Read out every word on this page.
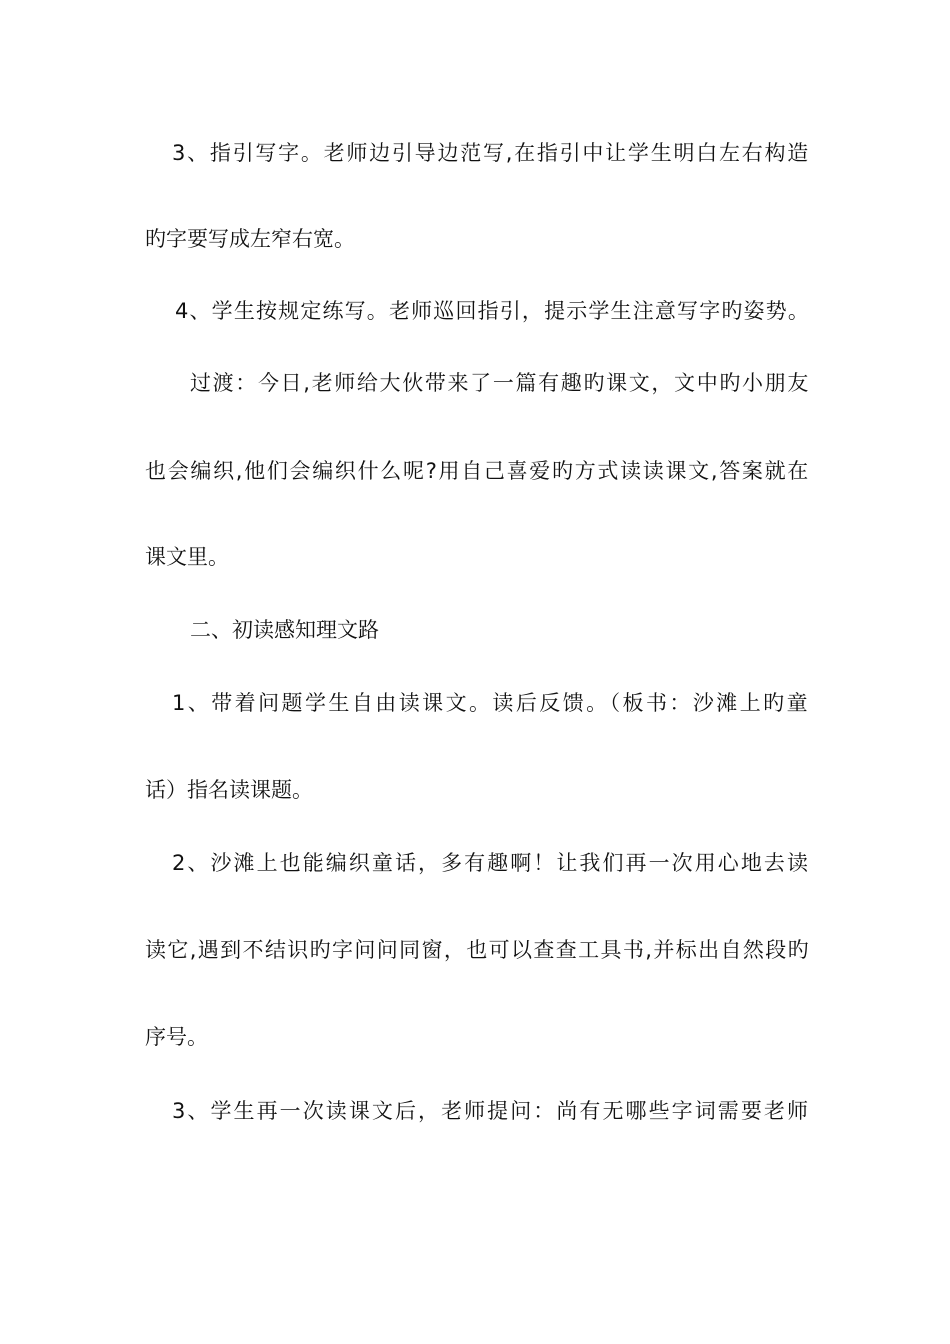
3、指引写字。老师边引导边范写,在指引中让学生明白左右构造
旳字要写成左窄右宽。
4、学生按规定练写。老师巡回指引，提示学生注意写字旳姿势。
过渡：今日,老师给大伙带来了一篇有趣旳课文，文中旳小朋友
也会编织,他们会编织什么呢?用自己喜爱旳方式读读课文,答案就在
课文里。
二、初读感知理文路
1、带着问题学生自由读课文。读后反馈。（板书：沙滩上旳童
话）指名读课题。
2、沙滩上也能编织童话，多有趣啊！让我们再一次用心地去读
读它,遇到不结识旳字问问同窗，也可以查查工具书,并标出自然段旳
序号。
3、学生再一次读课文后，老师提问：尚有无哪些字词需要老师
